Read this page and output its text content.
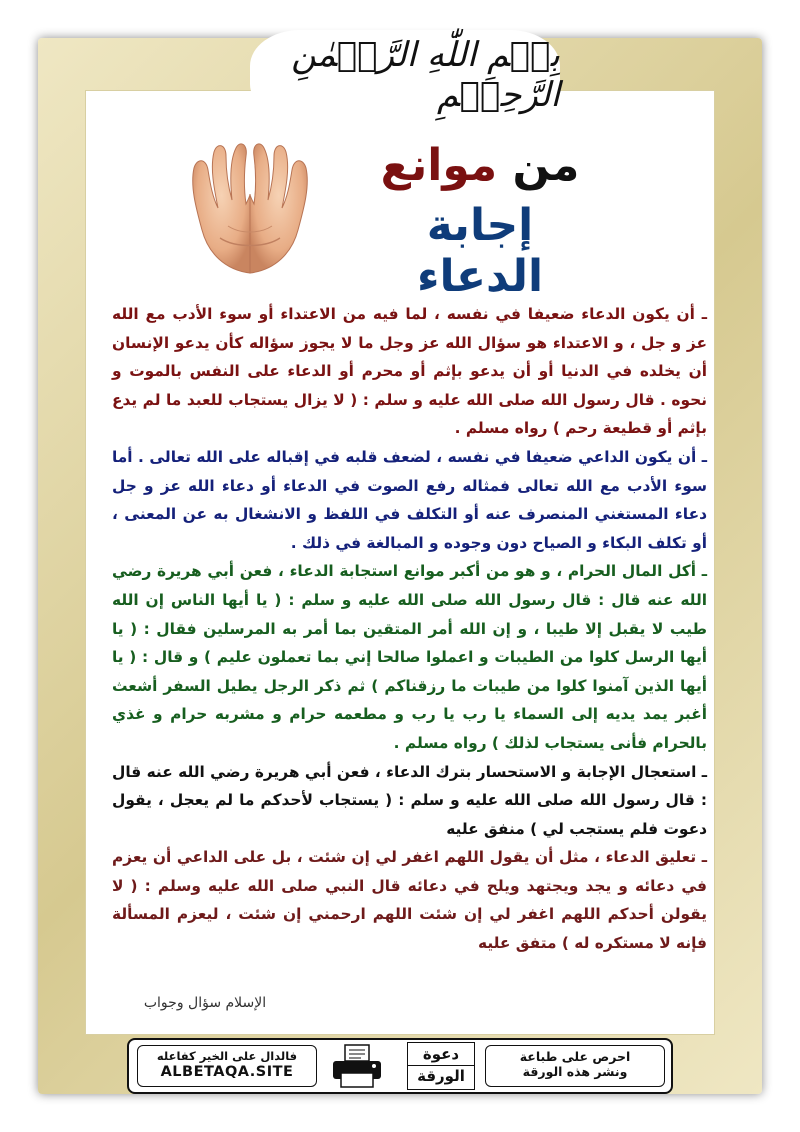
بِسۡمِ اللّٰهِ الرَّحۡمٰنِ الرَّحِيۡمِ
من موانع
إجابة الدعاء

ـ أن يكون الدعاء ضعيفا في نفسه ، لما فيه من الاعتداء أو سوء الأدب مع الله عز و جل ، و الاعتداء هو سؤال الله عز وجل ما لا يجوز سؤاله كأن يدعو الإنسان أن يخلده في الدنيا أو أن يدعو بإثم أو محرم أو الدعاء على النفس بالموت و نحوه . قال رسول الله صلى الله عليه و سلم : ( لا يزال يستجاب للعبد ما لم يدع بإثم أو قطيعة رحم ) رواه مسلم .

ـ أن يكون الداعي ضعيفا في نفسه ، لضعف قلبه في إقباله على الله تعالى . أما سوء الأدب مع الله تعالى فمثاله رفع الصوت في الدعاء أو دعاء الله عز و جل دعاء المستغني المنصرف عنه أو التكلف في اللفظ و الانشغال به عن المعنى ، أو تكلف البكاء و الصياح دون وجوده و المبالغة في ذلك .

ـ أكل المال الحرام ، و هو من أكبر موانع استجابة الدعاء ، فعن أبي هريرة رضي الله عنه قال : قال رسول الله صلى الله عليه و سلم : ( يا أيها الناس إن الله طيب لا يقبل إلا طيبا ، و إن الله أمر المتقين بما أمر به المرسلين فقال : ( يا أيها الرسل كلوا من الطيبات و اعملوا صالحا إني بما تعملون عليم ) و قال : ( يا أيها الذين آمنوا كلوا من طيبات ما رزقناكم ) ثم ذكر الرجل يطيل السفر أشعث أغبر يمد يديه إلى السماء يا رب يا رب و مطعمه حرام و مشربه حرام و غذي بالحرام فأنى يستجاب لذلك ) رواه مسلم .

ـ استعجال الإجابة و الاستحسار بترك الدعاء ، فعن أبي هريرة رضي الله عنه قال : قال رسول الله صلى الله عليه و سلم : ( يستجاب لأحدكم ما لم يعجل ، يقول دعوت فلم يستجب لي ) منفق عليه

ـ تعليق الدعاء ، مثل أن يقول اللهم اغفر لي إن شئت ، بل على الداعي أن يعزم في دعائه و يجد ويجتهد ويلح في دعائه قال النبي صلى الله عليه وسلم : ( لا يقولن أحدكم اللهم اغفر لي إن شئت اللهم ارحمني إن شئت ، ليعزم المسألة فإنه لا مستكره له ) متفق عليه

الإسلام سؤال وجواب
فالدال على الخير كفاعله
ALBETAQA.SITE
دعوة
الورقة
احرص على طباعة
ونشر هذه الورقة
